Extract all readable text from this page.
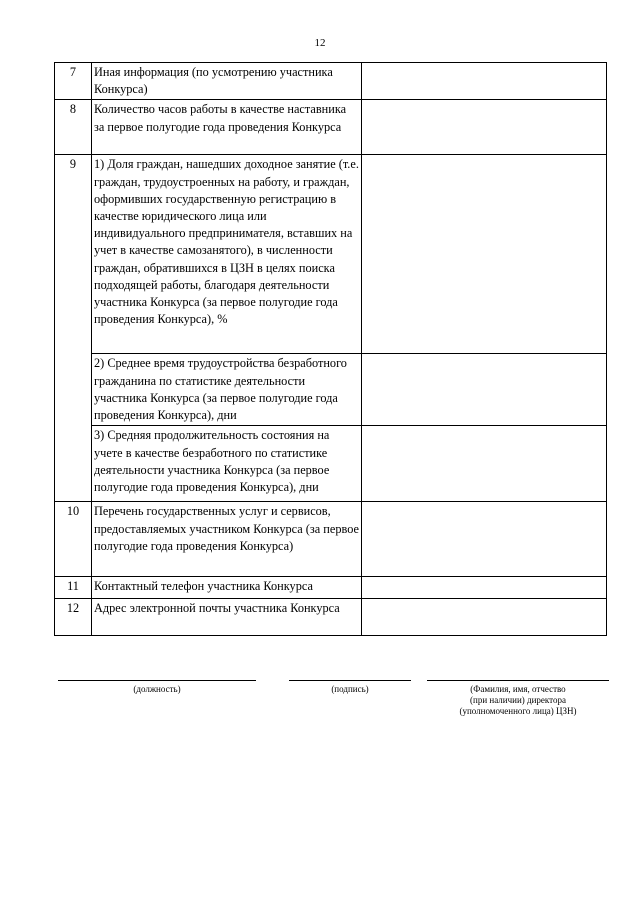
12
7	Иная информация (по усмотрению участника Конкурса)	
8	Количество часов работы в качестве наставника за первое полугодие года проведения Конкурса	
9	1) Доля граждан, нашедших доходное занятие (т.е. граждан, трудоустроенных на работу, и граждан, оформивших государственную регистрацию в качестве юридического лица или индивидуального предпринимателя, вставших на учет в качестве самозанятого), в численности граждан, обратившихся в ЦЗН в целях поиска подходящей работы, благодаря деятельности участника Конкурса (за первое полугодие года проведения Конкурса), %	
	2) Среднее время трудоустройства безработного гражданина по статистике деятельности участника Конкурса (за первое полугодие года проведения Конкурса), дни	
	3) Средняя продолжительность состояния на учете в качестве безработного по статистике деятельности участника Конкурса (за первое полугодие года проведения Конкурса), дни	
10	Перечень государственных услуг и сервисов, предоставляемых участником Конкурса (за первое полугодие года проведения Конкурса)	
11	Контактный телефон участника Конкурса	
12	Адрес электронной почты участника Конкурса	
(должность)	(подпись)	(Фамилия, имя, отчество
(при наличии) директора
(уполномоченного лица) ЦЗН)
